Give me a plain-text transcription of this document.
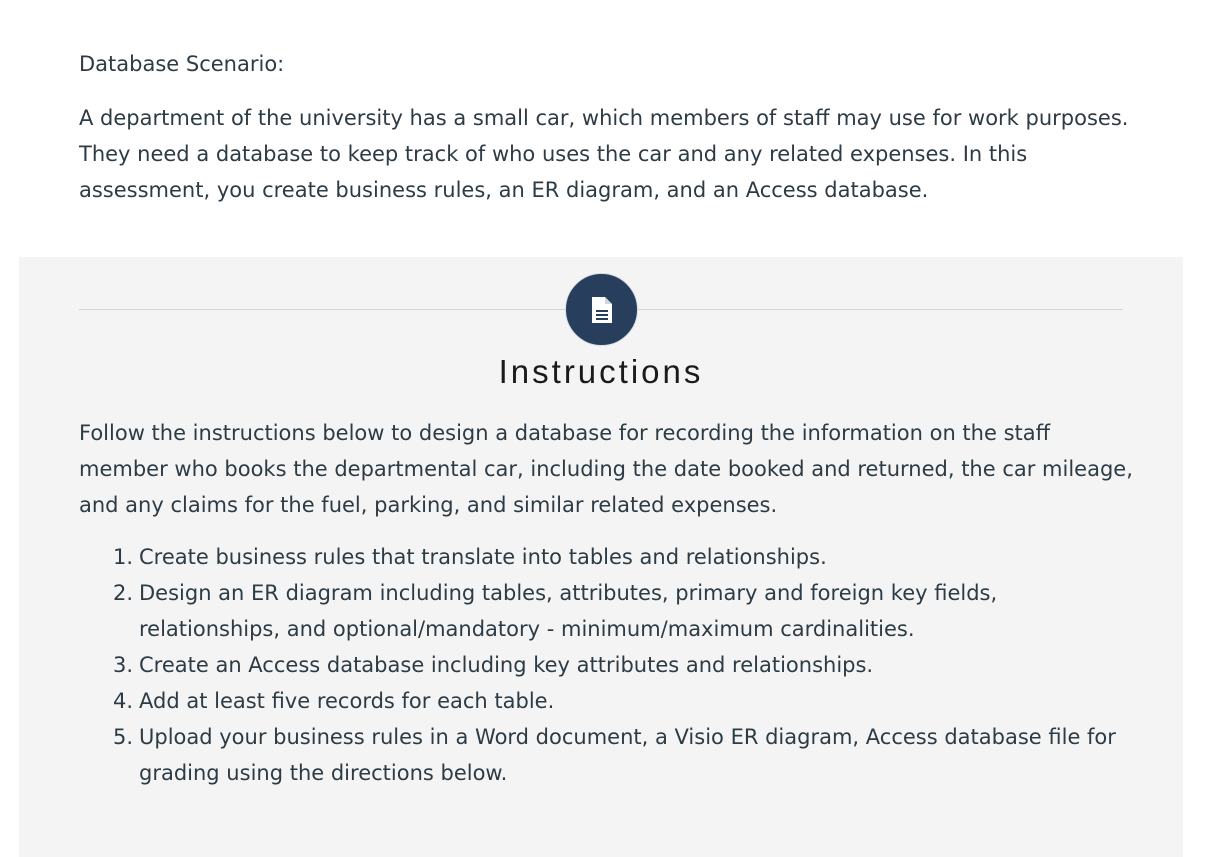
Database Scenario:

A department of the university has a small car, which members of staff may use for work purposes. They need a database to keep track of who uses the car and any related expenses. In this assessment, you create business rules, an ER diagram, and an Access database.

Instructions

Follow the instructions below to design a database for recording the information on the staff member who books the departmental car, including the date booked and returned, the car mileage, and any claims for the fuel, parking, and similar related expenses.

1. Create business rules that translate into tables and relationships.
2. Design an ER diagram including tables, attributes, primary and foreign key fields, relationships, and optional/mandatory - minimum/maximum cardinalities.
3. Create an Access database including key attributes and relationships.
4. Add at least five records for each table.
5. Upload your business rules in a Word document, a Visio ER diagram, Access database file for grading using the directions below.
